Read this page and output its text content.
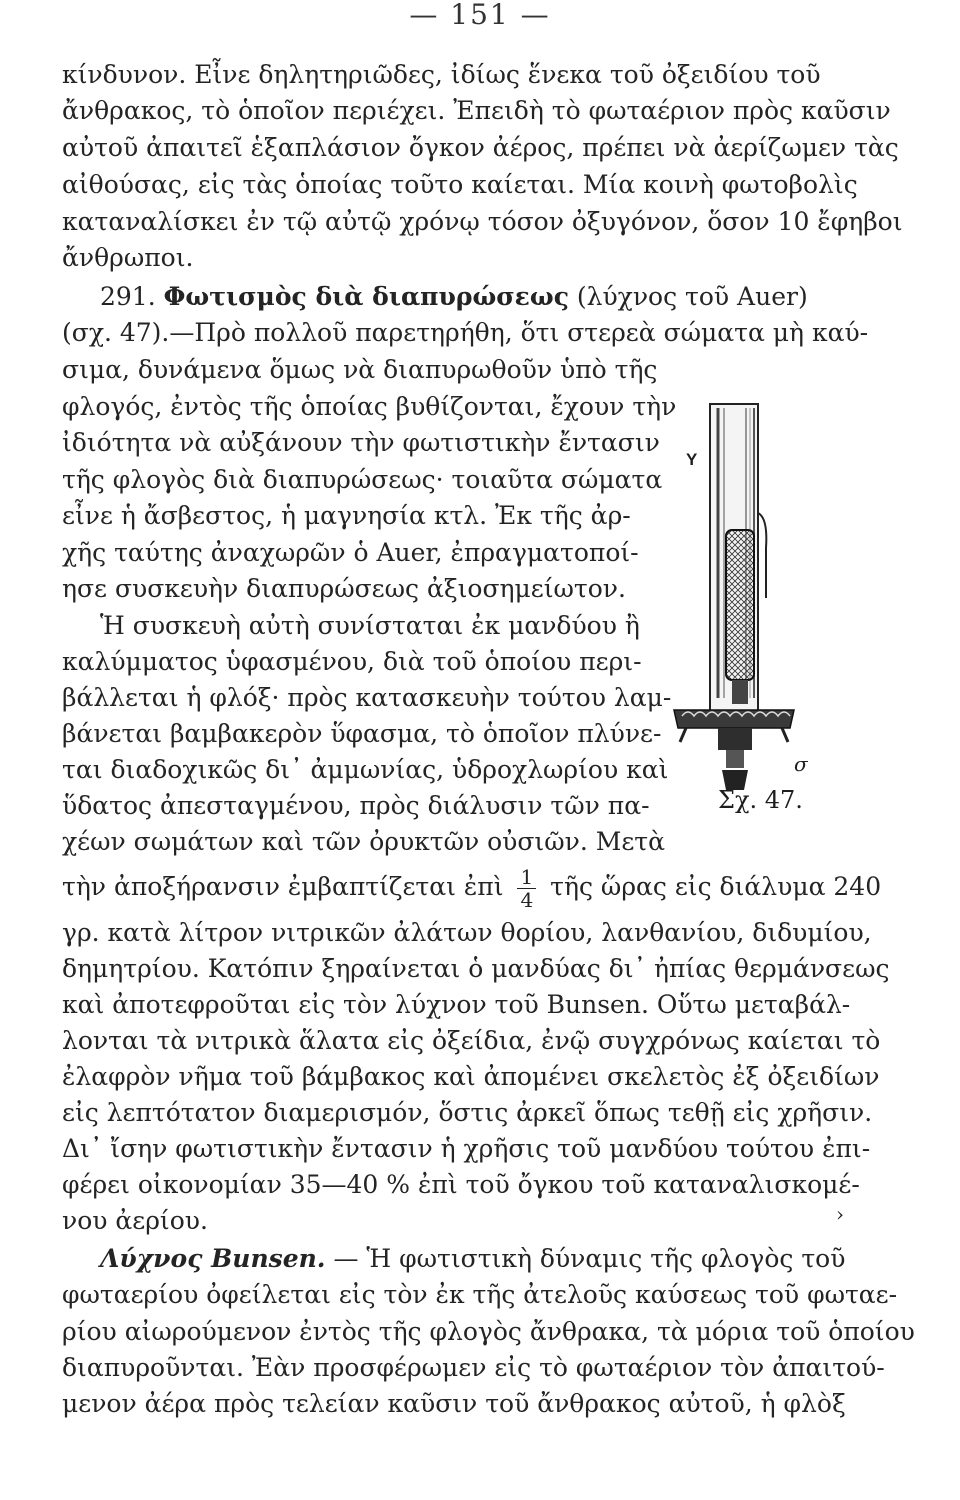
— 151 —
κίνδυνον. Εἶνε δηλητηριῶδες, ἰδίως ἕνεκα τοῦ ὀξειδίου τοῦ
ἄνθρακος, τὸ ὁποῖον περιέχει. Ἐπειδὴ τὸ φωταέριον πρὸς καῦσιν
αὐτοῦ ἀπαιτεῖ ἑξαπλάσιον ὄγκον ἀέρος, πρέπει νὰ ἀερίζωμεν τὰς
αἰθούσας, εἰς τὰς ὁποίας τοῦτο καίεται. Μία κοινὴ φωτοβολὶς
καταναλίσκει ἐν τῷ αὐτῷ χρόνῳ τόσον ὀξυγόνον, ὅσον 10 ἔφηβοι
ἄνθρωποι.
291. Φωτισμὸς διὰ διαπυρώσεως (λύχνος τοῦ Auer)
(σχ. 47).—Πρὸ πολλοῦ παρετηρήθη, ὅτι στερεὰ σώματα μὴ καύ-
σιμα, δυνάμενα ὅμως νὰ διαπυρωθοῦν ὑπὸ τῆς
φλογός, ἐντὸς τῆς ὁποίας βυθίζονται, ἔχουν τὴν
ἰδιότητα νὰ αὐξάνουν τὴν φωτιστικὴν ἔντασιν
τῆς φλογὸς διὰ διαπυρώσεως· τοιαῦτα σώματα
εἶνε ἡ ἄσβεστος, ἡ μαγνησία κτλ. Ἐκ τῆς ἀρ-
χῆς ταύτης ἀναχωρῶν ὁ Auer, ἐπραγματοποί-
ησε συσκευὴν διαπυρώσεως ἀξιοσημείωτον.
Ἡ συσκευὴ αὐτὴ συνίσταται ἐκ μανδύου ἢ
καλύμματος ὑφασμένου, διὰ τοῦ ὁποίου περι-
βάλλεται ἡ φλόξ· πρὸς κατασκευὴν τούτου λαμ-
βάνεται βαμβακερὸν ὕφασμα, τὸ ὁποῖον πλύνε-
ται διαδοχικῶς δι᾽ ἀμμωνίας, ὑδροχλωρίου καὶ
ὕδατος ἀπεσταγμένου, πρὸς διάλυσιν τῶν πα-
χέων σωμάτων καὶ τῶν ὀρυκτῶν οὐσιῶν. Μετὰ
τὴν ἀποξήρανσιν ἐμβαπτίζεται ἐπὶ $\frac{1}{4}$ τῆς ὥρας εἰς διάλυμα 240
γρ. κατὰ λίτρον νιτρικῶν ἀλάτων θορίου, λανθανίου, διδυμίου,
δημητρίου. Κατόπιν ξηραίνεται ὁ μανδύας δι᾽ ἠπίας θερμάνσεως
καὶ ἀποτεφροῦται εἰς τὸν λύχνον τοῦ Bunsen. Οὕτω μεταβάλ-
λονται τὰ νιτρικὰ ἅλατα εἰς ὀξείδια, ἐνῷ συγχρόνως καίεται τὸ
ἐλαφρὸν νῆμα τοῦ βάμβακος καὶ ἀπομένει σκελετὸς ἐξ ὀξειδίων
εἰς λεπτότατον διαμερισμόν, ὅστις ἀρκεῖ ὅπως τεθῇ εἰς χρῆσιν.
Δι᾽ ἴσην φωτιστικὴν ἔντασιν ἡ χρῆσις τοῦ μανδύου τούτου ἐπι-
φέρει οἰκονομίαν 35—40 % ἐπὶ τοῦ ὄγκου τοῦ καταναλισκομέ-
νου ἀερίου.	›
Λύχνος Bunsen. — Ἡ φωτιστικὴ δύναμις τῆς φλογὸς τοῦ
φωταερίου ὀφείλεται εἰς τὸν ἐκ τῆς ἀτελοῦς καύσεως τοῦ φωταε-
ρίου αἰωρούμενον ἐντὸς τῆς φλογὸς ἄνθρακα, τὰ μόρια τοῦ ὁποίου
διαπυροῦνται. Ἐὰν προσφέρωμεν εἰς τὸ φωταέριον τὸν ἀπαιτού-
μενον ἀέρα πρὸς τελείαν καῦσιν τοῦ ἄνθρακος αὐτοῦ, ἡ φλὸξ
Υ
σ
Σχ. 47.
